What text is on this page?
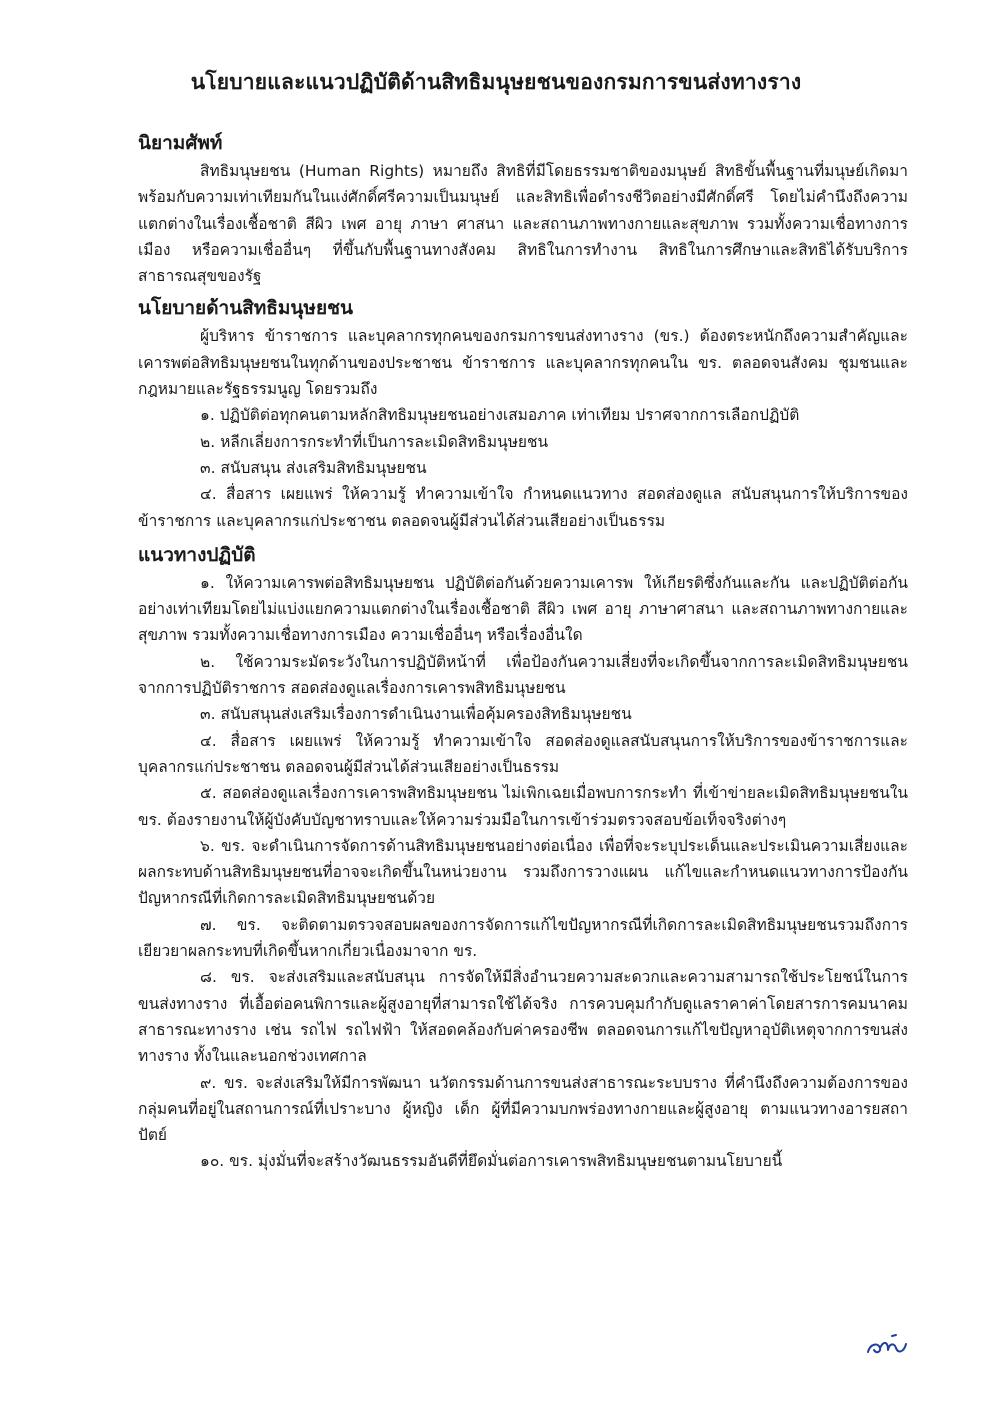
นโยบายและแนวปฏิบัติด้านสิทธิมนุษยชนของกรมการขนส่งทางราง
นิยามศัพท์

สิทธิมนุษยชน (Human Rights) หมายถึง สิทธิที่มีโดยธรรมชาติของมนุษย์ สิทธิขั้นพื้นฐานที่มนุษย์เกิดมาพร้อมกับความเท่าเทียมกันในแง่ศักดิ์ศรีความเป็นมนุษย์ และสิทธิเพื่อดำรงชีวิตอย่างมีศักดิ์ศรี โดยไม่คำนึงถึงความแตกต่างในเรื่องเชื้อชาติ สีผิว เพศ อายุ ภาษา ศาสนา และสถานภาพทางกายและสุขภาพ รวมทั้งความเชื่อทางการเมือง หรือความเชื่ออื่นๆ ที่ขึ้นกับพื้นฐานทางสังคม สิทธิในการทำงาน สิทธิในการศึกษาและสิทธิได้รับบริการสาธารณสุขของรัฐ

นโยบายด้านสิทธิมนุษยชน

ผู้บริหาร ข้าราชการ และบุคลากรทุกคนของกรมการขนส่งทางราง (ขร.) ต้องตระหนักถึงความสำคัญและเคารพต่อสิทธิมนุษยชนในทุกด้านของประชาชน ข้าราชการ และบุคลากรทุกคนใน ขร. ตลอดจนสังคม ชุมชนและกฎหมายและรัฐธรรมนูญ โดยรวมถึง

๑. ปฏิบัติต่อทุกคนตามหลักสิทธิมนุษยชนอย่างเสมอภาค เท่าเทียม ปราศจากการเลือกปฏิบัติ

๒. หลีกเลี่ยงการกระทำที่เป็นการละเมิดสิทธิมนุษยชน

๓. สนับสนุน ส่งเสริมสิทธิมนุษยชน

๔. สื่อสาร เผยแพร่ ให้ความรู้ ทำความเข้าใจ กำหนดแนวทาง สอดส่องดูแล สนับสนุนการให้บริการของข้าราชการ และบุคลากรแก่ประชาชน ตลอดจนผู้มีส่วนได้ส่วนเสียอย่างเป็นธรรม

แนวทางปฏิบัติ

๑. ให้ความเคารพต่อสิทธิมนุษยชน ปฏิบัติต่อกันด้วยความเคารพ ให้เกียรติซึ่งกันและกัน และปฏิบัติต่อกันอย่างเท่าเทียมโดยไม่แบ่งแยกความแตกต่างในเรื่องเชื้อชาติ สีผิว เพศ อายุ ภาษาศาสนา และสถานภาพทางกายและสุขภาพ รวมทั้งความเชื่อทางการเมือง ความเชื่ออื่นๆ หรือเรื่องอื่นใด

๒. ใช้ความระมัดระวังในการปฏิบัติหน้าที่ เพื่อป้องกันความเสี่ยงที่จะเกิดขึ้นจากการละเมิดสิทธิมนุษยชน จากการปฏิบัติราชการ สอดส่องดูแลเรื่องการเคารพสิทธิมนุษยชน

๓. สนับสนุนส่งเสริมเรื่องการดำเนินงานเพื่อคุ้มครองสิทธิมนุษยชน

๔. สื่อสาร เผยแพร่ ให้ความรู้ ทำความเข้าใจ สอดส่องดูแลสนับสนุนการให้บริการของข้าราชการและบุคลากรแก่ประชาชน ตลอดจนผู้มีส่วนได้ส่วนเสียอย่างเป็นธรรม

๕. สอดส่องดูแลเรื่องการเคารพสิทธิมนุษยชน ไม่เพิกเฉยเมื่อพบการกระทำ ที่เข้าข่ายละเมิดสิทธิมนุษยชนใน ขร. ต้องรายงานให้ผู้บังคับบัญชาทราบและให้ความร่วมมือในการเข้าร่วมตรวจสอบข้อเท็จจริงต่างๆ

๖. ขร. จะดำเนินการจัดการด้านสิทธิมนุษยชนอย่างต่อเนื่อง เพื่อที่จะระบุประเด็นและประเมินความเสี่ยงและผลกระทบด้านสิทธิมนุษยชนที่อาจจะเกิดขึ้นในหน่วยงาน รวมถึงการวางแผน แก้ไขและกำหนดแนวทางการป้องกันปัญหากรณีที่เกิดการละเมิดสิทธิมนุษยชนด้วย

๗. ขร. จะติดตามตรวจสอบผลของการจัดการแก้ไขปัญหากรณีที่เกิดการละเมิดสิทธิมนุษยชนรวมถึงการเยียวยาผลกระทบที่เกิดขึ้นหากเกี่ยวเนื่องมาจาก ขร.

๘. ขร. จะส่งเสริมและสนับสนุน การจัดให้มีสิ่งอำนวยความสะดวกและความสามารถใช้ประโยชน์ในการขนส่งทางราง ที่เอื้อต่อคนพิการและผู้สูงอายุที่สามารถใช้ได้จริง การควบคุมกำกับดูแลราคาค่าโดยสารการคมนาคมสาธารณะทางราง เช่น รถไฟ รถไฟฟ้า ให้สอดคล้องกับค่าครองชีพ ตลอดจนการแก้ไขปัญหาอุบัติเหตุจากการขนส่งทางราง ทั้งในและนอกช่วงเทศกาล

๙. ขร. จะส่งเสริมให้มีการพัฒนา นวัตกรรมด้านการขนส่งสาธารณะระบบราง ที่คำนึงถึงความต้องการของกลุ่มคนที่อยู่ในสถานการณ์ที่เปราะบาง ผู้หญิง เด็ก ผู้ที่มีความบกพร่องทางกายและผู้สูงอายุ ตามแนวทางอารยสถาปัตย์

๑๐. ขร. มุ่งมั่นที่จะสร้างวัฒนธรรมอันดีที่ยึดมั่นต่อการเคารพสิทธิมนุษยชนตามนโยบายนี้
